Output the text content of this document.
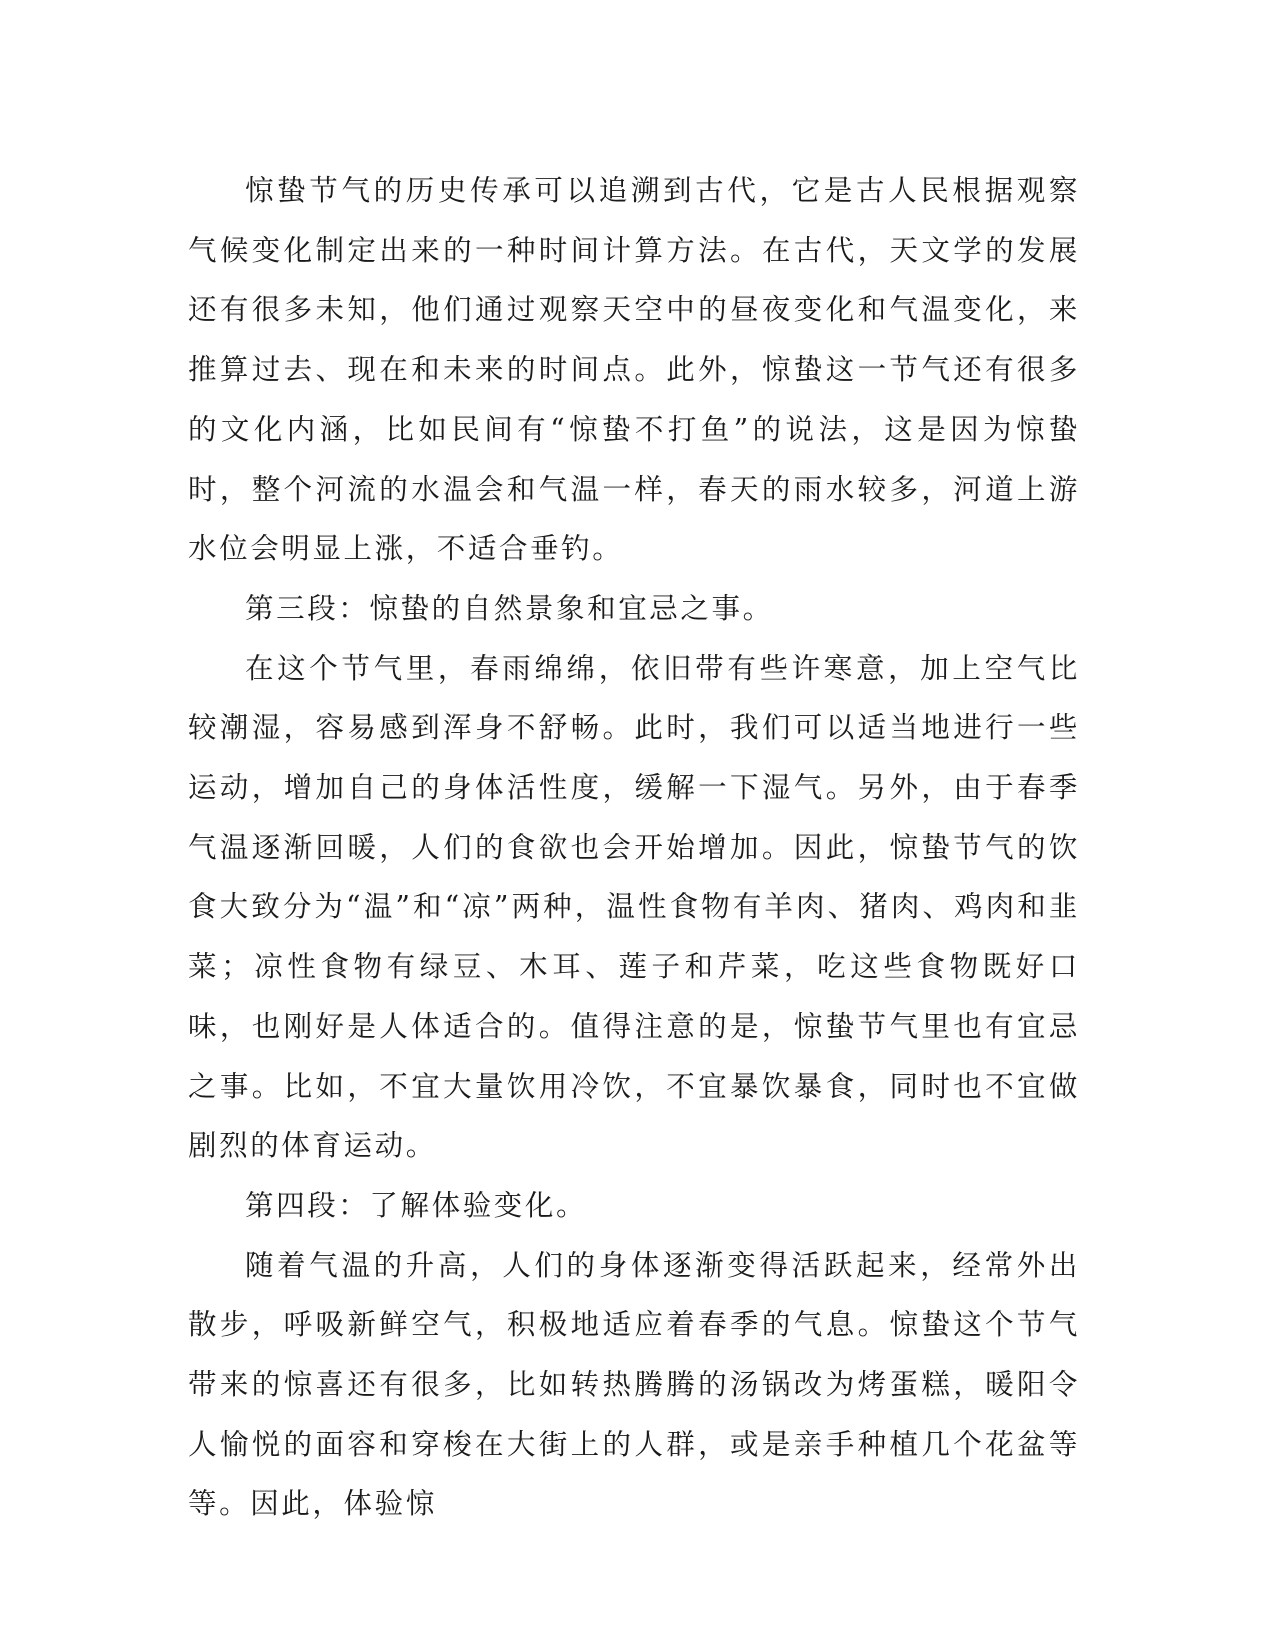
惊蛰节气的历史传承可以追溯到古代，它是古人民根据观察气候变化制定出来的一种时间计算方法。在古代，天文学的发展还有很多未知，他们通过观察天空中的昼夜变化和气温变化，来推算过去、现在和未来的时间点。此外，惊蛰这一节气还有很多的文化内涵，比如民间有“惊蛰不打鱼”的说法，这是因为惊蛰时，整个河流的水温会和气温一样，春天的雨水较多，河道上游水位会明显上涨，不适合垂钓。

第三段：惊蛰的自然景象和宜忌之事。

在这个节气里，春雨绵绵，依旧带有些许寒意，加上空气比较潮湿，容易感到浑身不舒畅。此时，我们可以适当地进行一些运动，增加自己的身体活性度，缓解一下湿气。另外，由于春季气温逐渐回暖，人们的食欲也会开始增加。因此，惊蛰节气的饮食大致分为“温”和“凉”两种，温性食物有羊肉、猪肉、鸡肉和韭菜；凉性食物有绿豆、木耳、莲子和芹菜，吃这些食物既好口味，也刚好是人体适合的。值得注意的是，惊蛰节气里也有宜忌之事。比如，不宜大量饮用冷饮，不宜暴饮暴食，同时也不宜做剧烈的体育运动。

第四段：了解体验变化。

随着气温的升高，人们的身体逐渐变得活跃起来，经常外出散步，呼吸新鲜空气，积极地适应着春季的气息。惊蛰这个节气带来的惊喜还有很多，比如转热腾腾的汤锅改为烤蛋糕，暖阳令人愉悦的面容和穿梭在大街上的人群，或是亲手种植几个花盆等等。因此，体验惊
